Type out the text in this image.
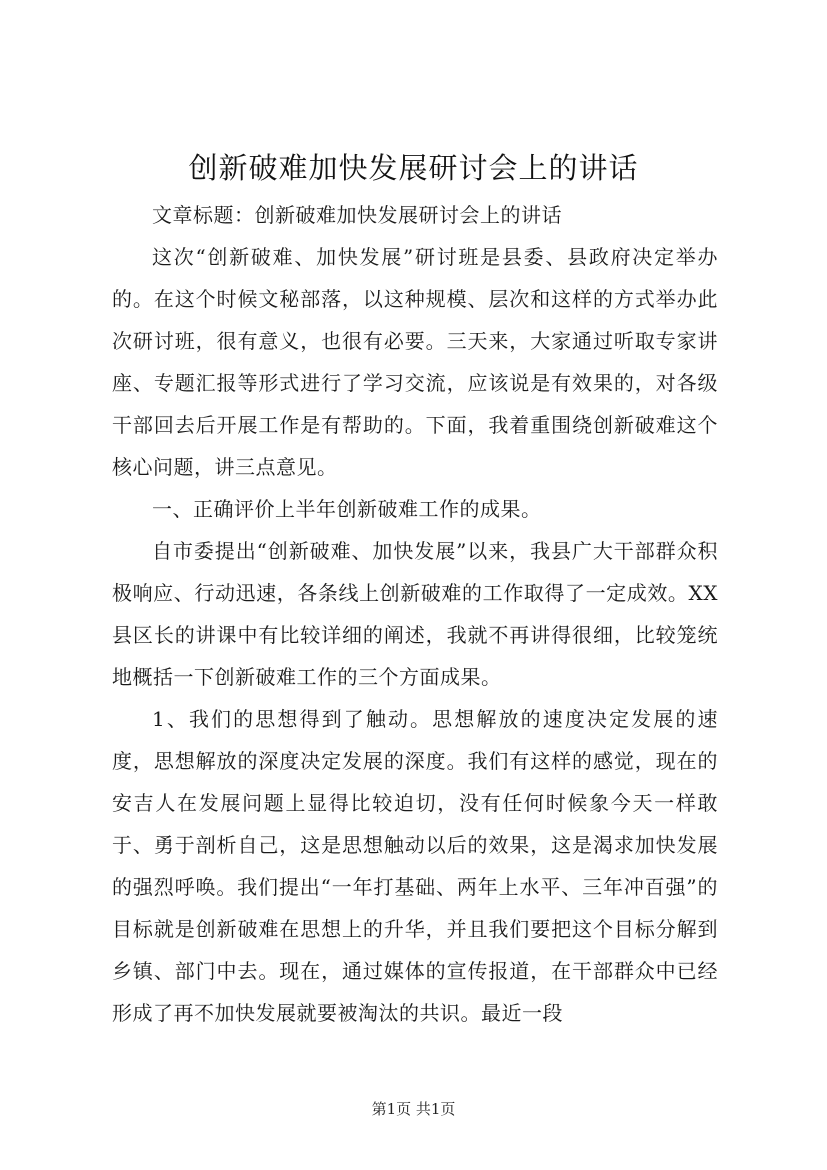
创新破难加快发展研讨会上的讲话

文章标题：创新破难加快发展研讨会上的讲话

这次“创新破难、加快发展”研讨班是县委、县政府决定举办的。在这个时候文秘部落，以这种规模、层次和这样的方式举办此次研讨班，很有意义，也很有必要。三天来，大家通过听取专家讲座、专题汇报等形式进行了学习交流，应该说是有效果的，对各级干部回去后开展工作是有帮助的。下面，我着重围绕创新破难这个核心问题，讲三点意见。

一、正确评价上半年创新破难工作的成果。

自市委提出“创新破难、加快发展”以来，我县广大干部群众积极响应、行动迅速，各条线上创新破难的工作取得了一定成效。XX县区长的讲课中有比较详细的阐述，我就不再讲得很细，比较笼统地概括一下创新破难工作的三个方面成果。

1、我们的思想得到了触动。思想解放的速度决定发展的速度，思想解放的深度决定发展的深度。我们有这样的感觉，现在的安吉人在发展问题上显得比较迫切，没有任何时候象今天一样敢于、勇于剖析自己，这是思想触动以后的效果，这是渴求加快发展的强烈呼唤。我们提出“一年打基础、两年上水平、三年冲百强”的目标就是创新破难在思想上的升华，并且我们要把这个目标分解到乡镇、部门中去。现在，通过媒体的宣传报道，在干部群众中已经形成了再不加快发展就要被淘汰的共识。最近一段

第1页 共1页
